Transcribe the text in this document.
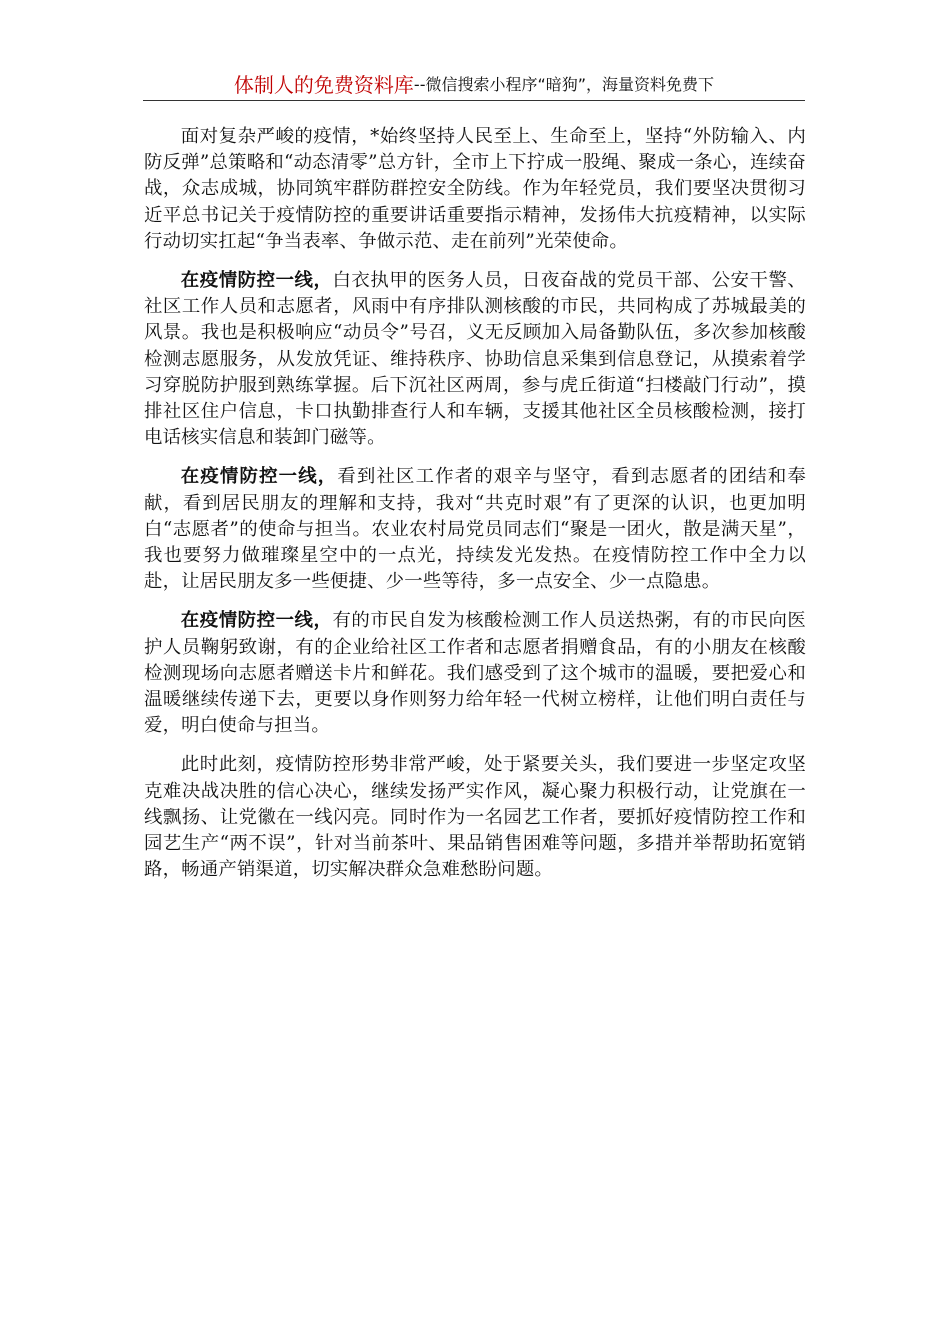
体制人的免费资料库 --微信搜索小程序“暗狗”，海量资料免费下

面对复杂严峻的疫情，*始终坚持人民至上、生命至上，坚持“外防输入、内防反弹”总策略和“动态清零”总方针，全市上下拧成一股绳、聚成一条心，连续奋战，众志成城，协同筑牢群防群控安全防线。作为年轻党员，我们要坚决贯彻习近平总书记关于疫情防控的重要讲话重要指示精神，发扬伟大抗疫精神，以实际行动切实扛起“争当表率、争做示范、走在前列”光荣使命。

在疫情防控一线，白衣执甲的医务人员，日夜奋战的党员干部、公安干警、社区工作人员和志愿者，风雨中有序排队测核酸的市民，共同构成了苏城最美的风景。我也是积极响应“动员令”号召，义无反顾加入局备勤队伍，多次参加核酸检测志愿服务，从发放凭证、维持秩序、协助信息采集到信息登记，从摸索着学习穿脱防护服到熟练掌握。后下沉社区两周，参与虎丘街道“扫楼敲门行动”，摸排社区住户信息，卡口执勤排查行人和车辆，支援其他社区全员核酸检测，接打电话核实信息和装卸门磁等。

在疫情防控一线，看到社区工作者的艰辛与坚守，看到志愿者的团结和奉献，看到居民朋友的理解和支持，我对“共克时艰”有了更深的认识，也更加明白“志愿者”的使命与担当。农业农村局党员同志们“聚是一团火，散是满天星”，我也要努力做璀璨星空中的一点光，持续发光发热。在疫情防控工作中全力以赴，让居民朋友多一些便捷、少一些等待，多一点安全、少一点隐患。

在疫情防控一线，有的市民自发为核酸检测工作人员送热粥，有的市民向医护人员鞠躬致谢，有的企业给社区工作者和志愿者捐赠食品，有的小朋友在核酸检测现场向志愿者赠送卡片和鲜花。我们感受到了这个城市的温暖，要把爱心和温暖继续传递下去，更要以身作则努力给年轻一代树立榜样，让他们明白责任与爱，明白使命与担当。

此时此刻，疫情防控形势非常严峻，处于紧要关头，我们要进一步坚定攻坚克难决战决胜的信心决心，继续发扬严实作风，凝心聚力积极行动，让党旗在一线飘扬、让党徽在一线闪亮。同时作为一名园艺工作者，要抓好疫情防控工作和园艺生产“两不误”，针对当前茶叶、果品销售困难等问题，多措并举帮助拓宽销路，畅通产销渠道，切实解决群众急难愁盼问题。
